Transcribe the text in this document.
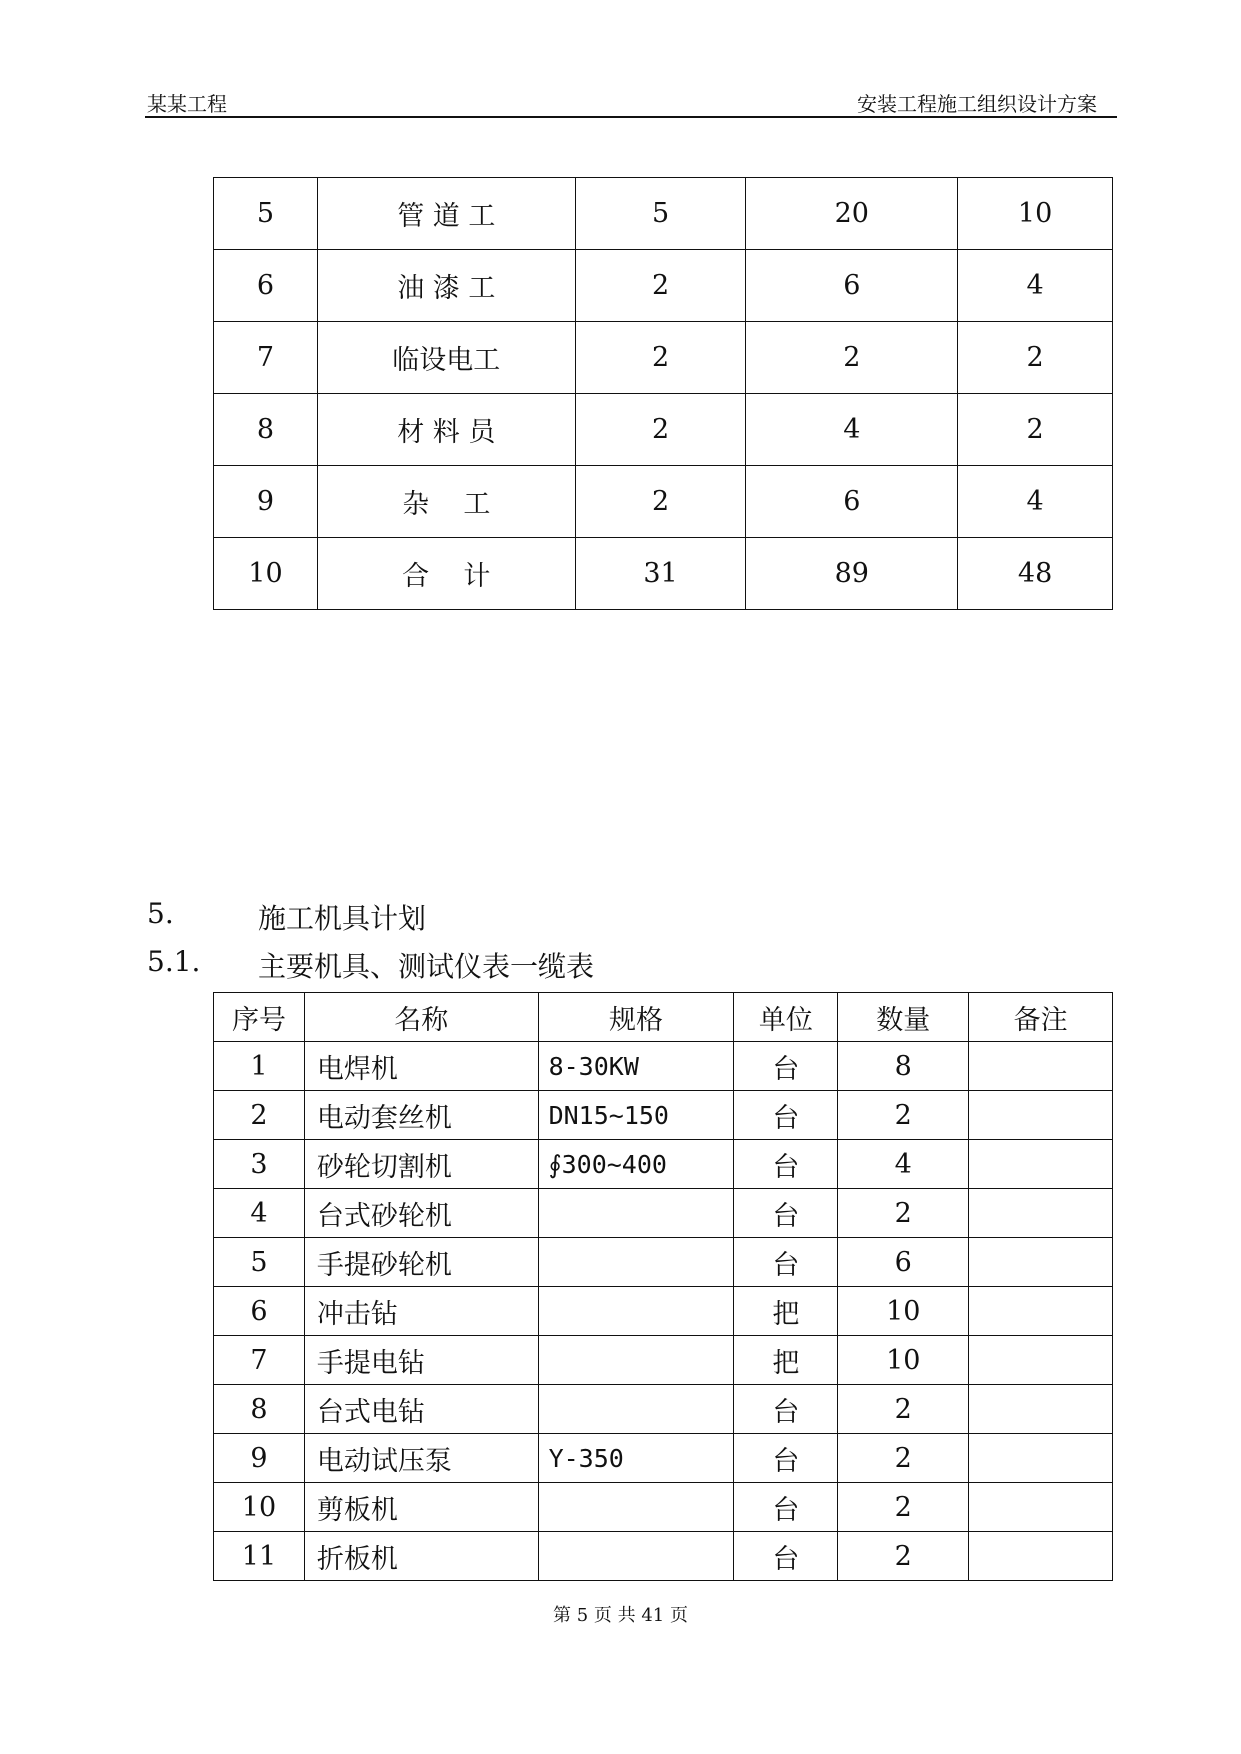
某某工程	安装工程施工组织设计方案
5	管 道 工	5	20	10
6	油 漆 工	2	6	4
7	临设电工	2	2	2
8	材 料 员	2	4	2
9	杂    工	2	6	4
10	合    计	31	89	48
5.	施工机具计划
5.1. 主要机具、测试仪表一缆表
序号	名称	规格	单位	数量	备注
1	电焊机	8-30KW	台	8	
2	电动套丝机	DN15~150	台	2	
3	砂轮切割机	∮300~400	台	4	
4	台式砂轮机		台	2	
5	手提砂轮机		台	6	
6	冲击钻		把	10	
7	手提电钻		把	10	
8	台式电钻		台	2	
9	电动试压泵	Y-350	台	2	
10	剪板机		台	2	
11	折板机		台	2	
第 5 页 共 41 页
